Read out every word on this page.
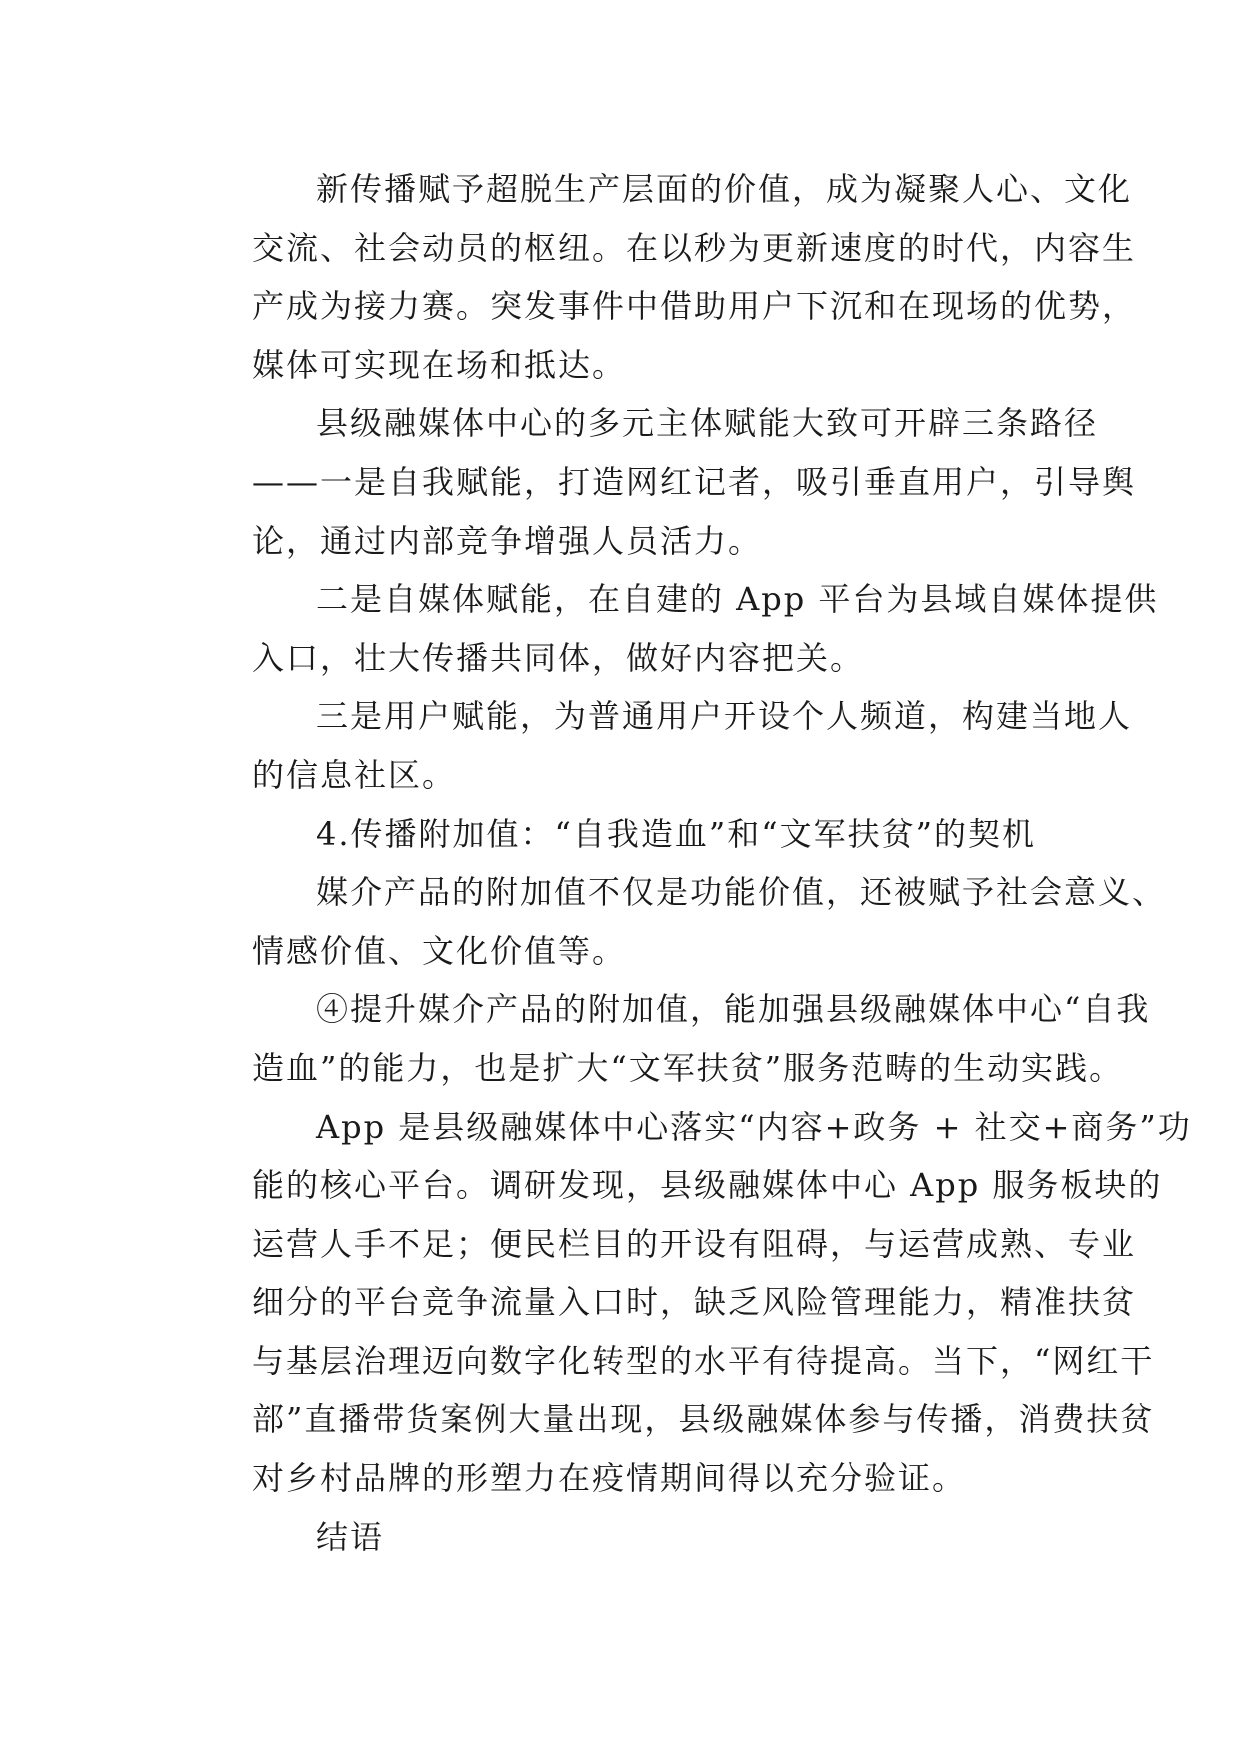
新传播赋予超脱生产层面的价值，成为凝聚人心、文化
交流、社会动员的枢纽。在以秒为更新速度的时代，内容生
产成为接力赛。突发事件中借助用户下沉和在现场的优势，
媒体可实现在场和抵达。

县级融媒体中心的多元主体赋能大致可开辟三条路径
——一是自我赋能，打造网红记者，吸引垂直用户，引导舆
论，通过内部竞争增强人员活力。

二是自媒体赋能，在自建的 App 平台为县域自媒体提供
入口，壮大传播共同体，做好内容把关。

三是用户赋能，为普通用户开设个人频道，构建当地人
的信息社区。

4.传播附加值：“自我造血”和“文军扶贫”的契机

媒介产品的附加值不仅是功能价值，还被赋予社会意义、
情感价值、文化价值等。

④提升媒介产品的附加值，能加强县级融媒体中心“自我
造血”的能力，也是扩大“文军扶贫”服务范畴的生动实践。

App 是县级融媒体中心落实“内容+政务 + 社交+商务”功
能的核心平台。调研发现，县级融媒体中心 App 服务板块的
运营人手不足；便民栏目的开设有阻碍，与运营成熟、专业
细分的平台竞争流量入口时，缺乏风险管理能力，精准扶贫
与基层治理迈向数字化转型的水平有待提高。当下，“网红干
部”直播带货案例大量出现，县级融媒体参与传播，消费扶贫
对乡村品牌的形塑力在疫情期间得以充分验证。

结语
